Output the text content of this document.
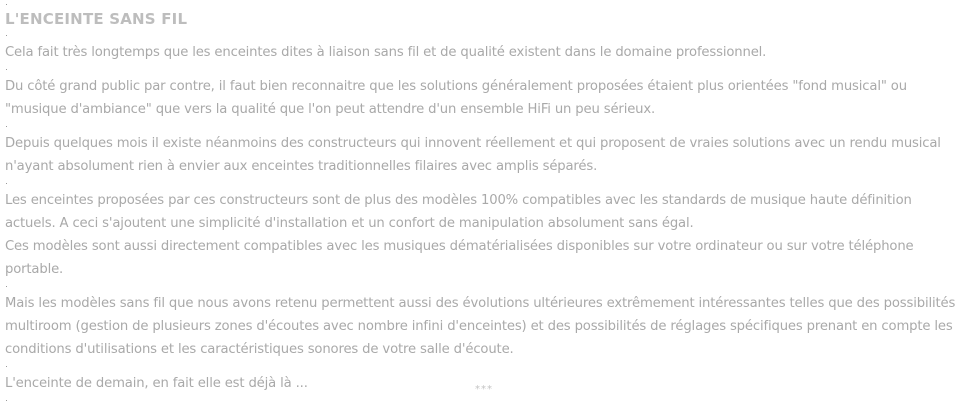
L'ENCEINTE SANS FIL

Cela fait très longtemps que les enceintes dites à liaison sans fil et de qualité existent dans le domaine professionnel.

Du côté grand public par contre, il faut bien reconnaitre que les solutions généralement proposées étaient plus orientées "fond musical" ou "musique d'ambiance" que vers la qualité que l'on peut attendre d'un ensemble HiFi un peu sérieux.

Depuis quelques mois il existe néanmoins des constructeurs qui innovent réellement et qui proposent de vraies solutions avec un rendu musical n'ayant absolument rien à envier aux enceintes traditionnelles filaires avec amplis séparés.

Les enceintes proposées par ces constructeurs sont de plus des modèles 100% compatibles avec les standards de musique haute définition actuels. A ceci s'ajoutent une simplicité d'installation et un confort de manipulation absolument sans égal.

Ces modèles sont aussi directement compatibles avec les musiques dématérialisées disponibles sur votre ordinateur ou sur votre téléphone portable.

Mais les modèles sans fil que nous avons retenu permettent aussi des évolutions ultérieures extrêmement intéressantes telles que des possibilités multiroom (gestion de plusieurs zones d'écoutes avec nombre infini d'enceintes) et des possibilités de réglages spécifiques prenant en compte les conditions d'utilisations et les caractéristiques sonores de votre salle d'écoute.

L'enceinte de demain, en fait elle est déjà là ...	***
